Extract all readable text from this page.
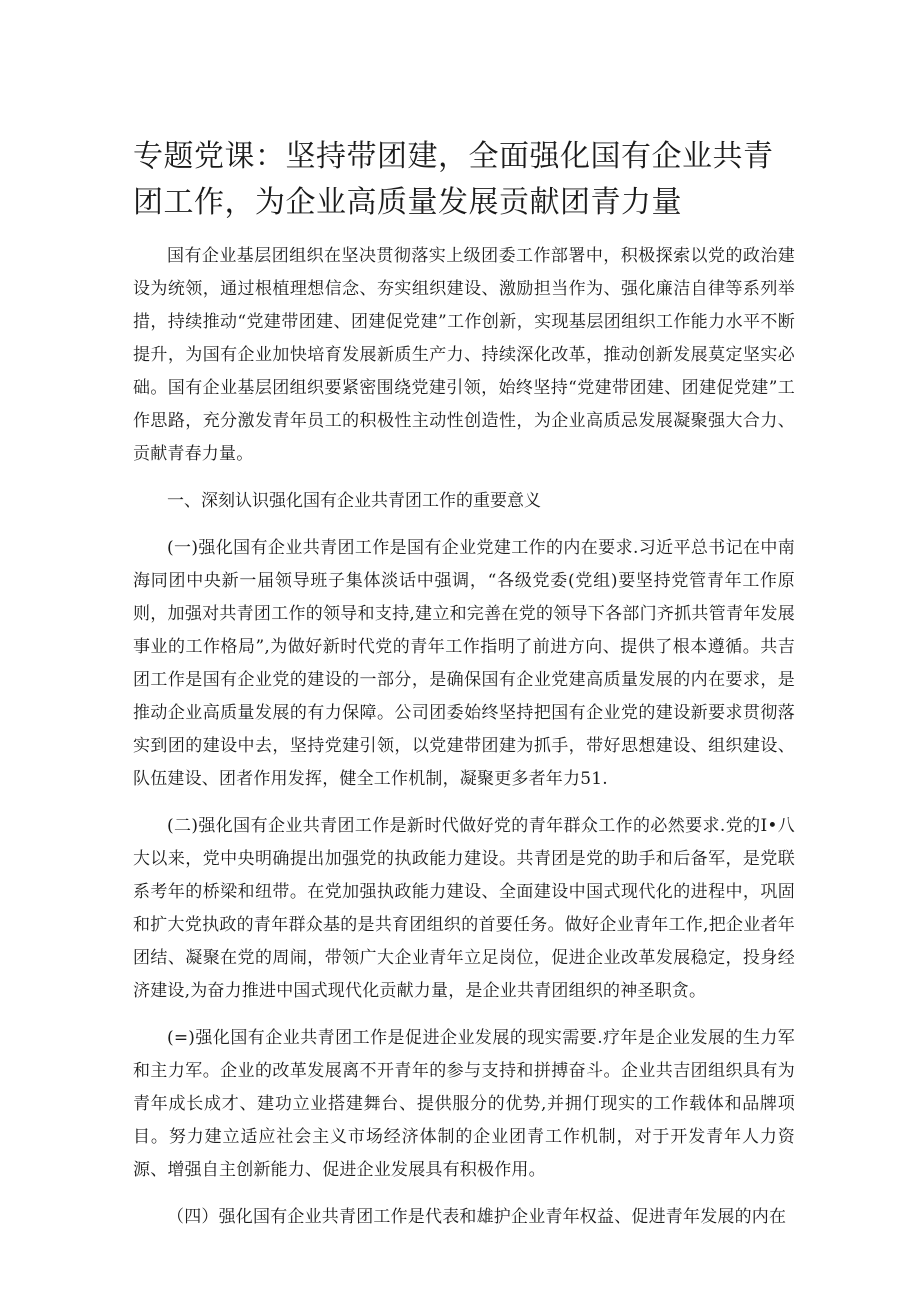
专题党课：坚持带团建，全面强化国有企业共青团工作，为企业高质量发展贡献团青力量

国有企业基层团组织在坚决贯彻落实上级团委工作部署中，积极探索以党的政治建设为统领，通过根植理想信念、夯实组织建设、激励担当作为、强化廉洁自律等系列举措，持续推动“党建带团建、团建促党建”工作创新，实现基层团组织工作能力水平不断提升，为国有企业加快培育发展新质生产力、持续深化改革，推动创新发展莫定坚实必础。国有企业基层团组织要紧密围绕党建引领，始终坚持“党建带团建、团建促党建”工作思路，充分激发青年员工的积极性主动性创造性，为企业高质忌发展凝聚强大合力、贡献青春力量。

一、深刻认识强化国有企业共青团工作的重要意义

(一)强化国有企业共青团工作是国有企业党建工作的内在要求.习近平总书记在中南海同团中央新一届领导班子集体淡话中强调，“各级党委(党组)要坚持党管青年工作原则，加强对共青团工作的领导和支持,建立和完善在党的领导下各部门齐抓共管青年发展事业的工作格局”,为做好新时代党的青年工作指明了前进方向、提供了根本遵循。共吉团工作是国有企业党的建设的一部分，是确保国有企业党建高质量发展的内在要求，是推动企业高质量发展的有力保障。公司团委始终坚持把国有企业党的建设新要求贯彻落实到团的建设中去，坚持党建引领，以党建带团建为抓手，带好思想建设、组织建设、队伍建设、团者作用发挥，健全工作机制，凝聚更多者年力51.

(二)强化国有企业共青团工作是新时代做好党的青年群众工作的必然要求.党的I•八大以来，党中央明确提出加强党的执政能力建设。共青团是党的助手和后备军，是党联系考年的桥梁和纽带。在党加强执政能力建设、全面建设中国式现代化的进程中，巩固和扩大党执政的青年群众基的是共育团组织的首要任务。做好企业青年工作,把企业者年团结、凝聚在党的周闹，带领广大企业青年立足岗位，促进企业改革发展稳定，投身经济建设,为奋力推进中国式现代化贡献力量，是企业共青团组织的神圣职贪。

(=)强化国有企业共青团工作是促进企业发展的现实需要.疗年是企业发展的生力军和主力军。企业的改革发展离不开青年的参与支持和拼搏奋斗。企业共吉团组织具有为青年成长成才、建功立业搭建舞台、提供服分的优势,并拥仃现实的工作载体和品牌项目。努力建立适应社会主义市场经济体制的企业团青工作机制，对于开发青年人力资源、增强自主创新能力、促进企业发展具有积极作用。

（四）强化国有企业共青团工作是代表和雄护企业青年权益、促进青年发展的内在
